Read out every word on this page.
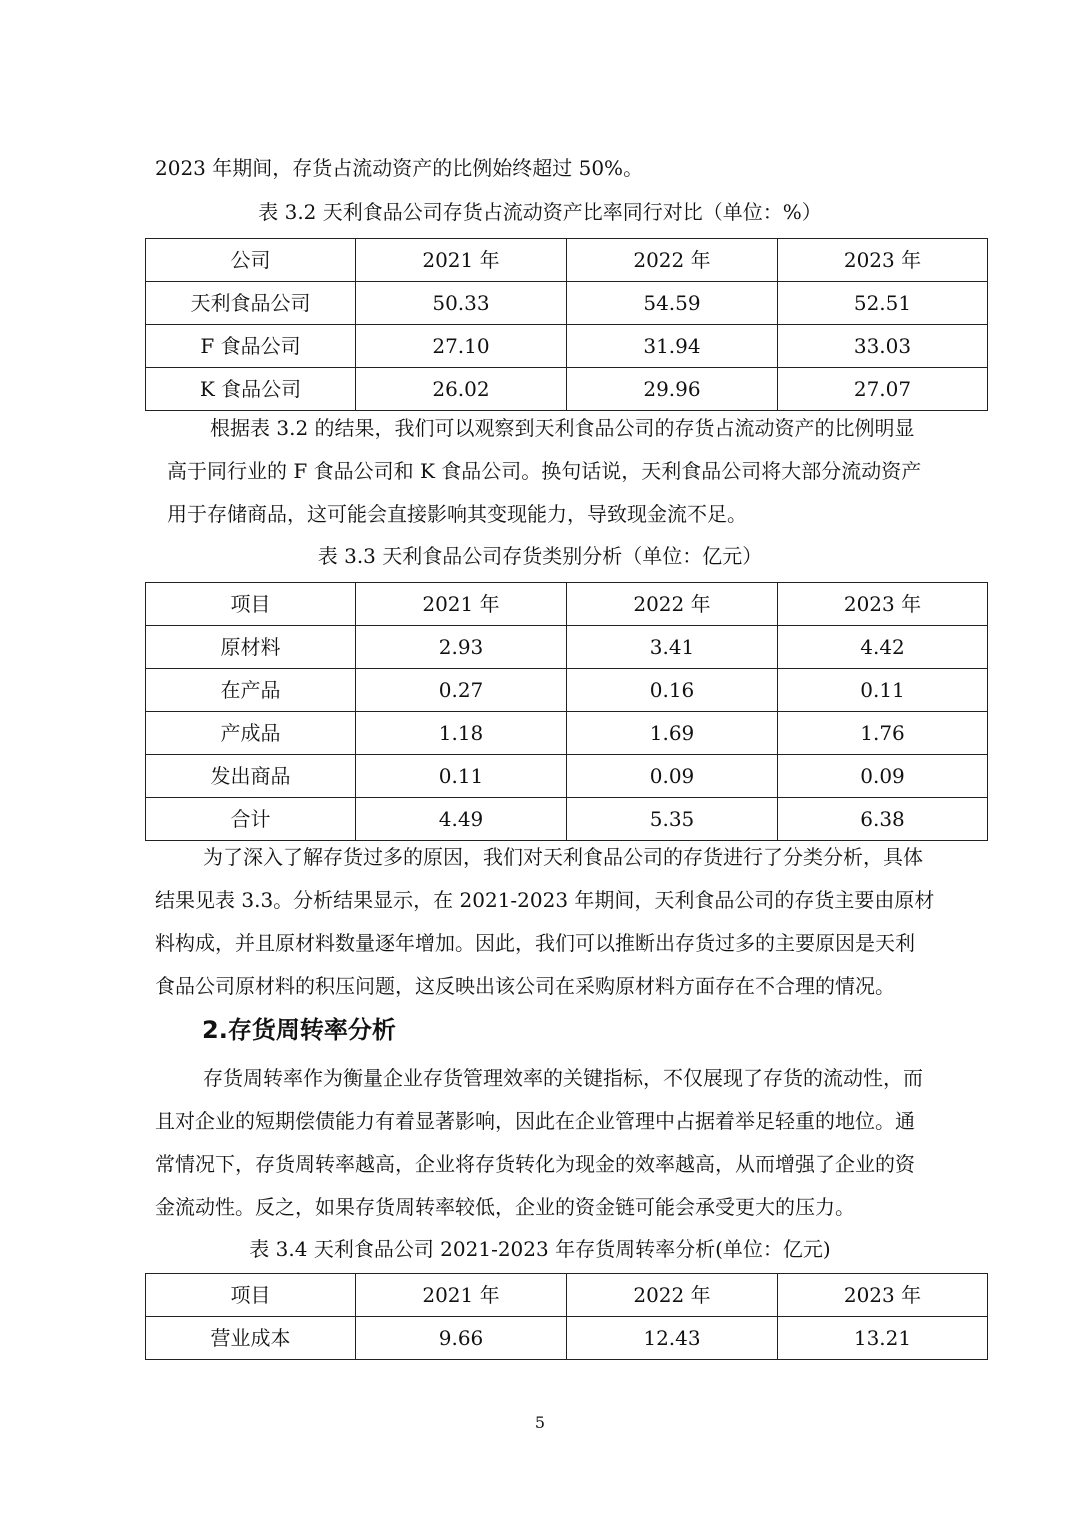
2023 年期间，存货占流动资产的比例始终超过 50%。
表 3.2 天利食品公司存货占流动资产比率同行对比（单位：%）
公司	2021 年	2022 年	2023 年
天利食品公司	50.33	54.59	52.51
F 食品公司	27.10	31.94	33.03
K 食品公司	26.02	29.96	27.07
根据表 3.2 的结果，我们可以观察到天利食品公司的存货占流动资产的比例明显
高于同行业的 F 食品公司和 K 食品公司。换句话说，天利食品公司将大部分流动资产
用于存储商品，这可能会直接影响其变现能力，导致现金流不足。
表 3.3 天利食品公司存货类别分析（单位：亿元）
项目	2021 年	2022 年	2023 年
原材料	2.93	3.41	4.42
在产品	0.27	0.16	0.11
产成品	1.18	1.69	1.76
发出商品	0.11	0.09	0.09
合计	4.49	5.35	6.38
为了深入了解存货过多的原因，我们对天利食品公司的存货进行了分类分析，具体
结果见表 3.3。分析结果显示，在 2021-2023 年期间，天利食品公司的存货主要由原材
料构成，并且原材料数量逐年增加。因此，我们可以推断出存货过多的主要原因是天利
食品公司原材料的积压问题，这反映出该公司在采购原材料方面存在不合理的情况。
2.存货周转率分析
存货周转率作为衡量企业存货管理效率的关键指标，不仅展现了存货的流动性，而
且对企业的短期偿债能力有着显著影响，因此在企业管理中占据着举足轻重的地位。通
常情况下，存货周转率越高，企业将存货转化为现金的效率越高，从而增强了企业的资
金流动性。反之，如果存货周转率较低，企业的资金链可能会承受更大的压力。
表 3.4 天利食品公司 2021-2023 年存货周转率分析(单位：亿元)
项目	2021 年	2022 年	2023 年
营业成本	9.66	12.43	13.21
5
